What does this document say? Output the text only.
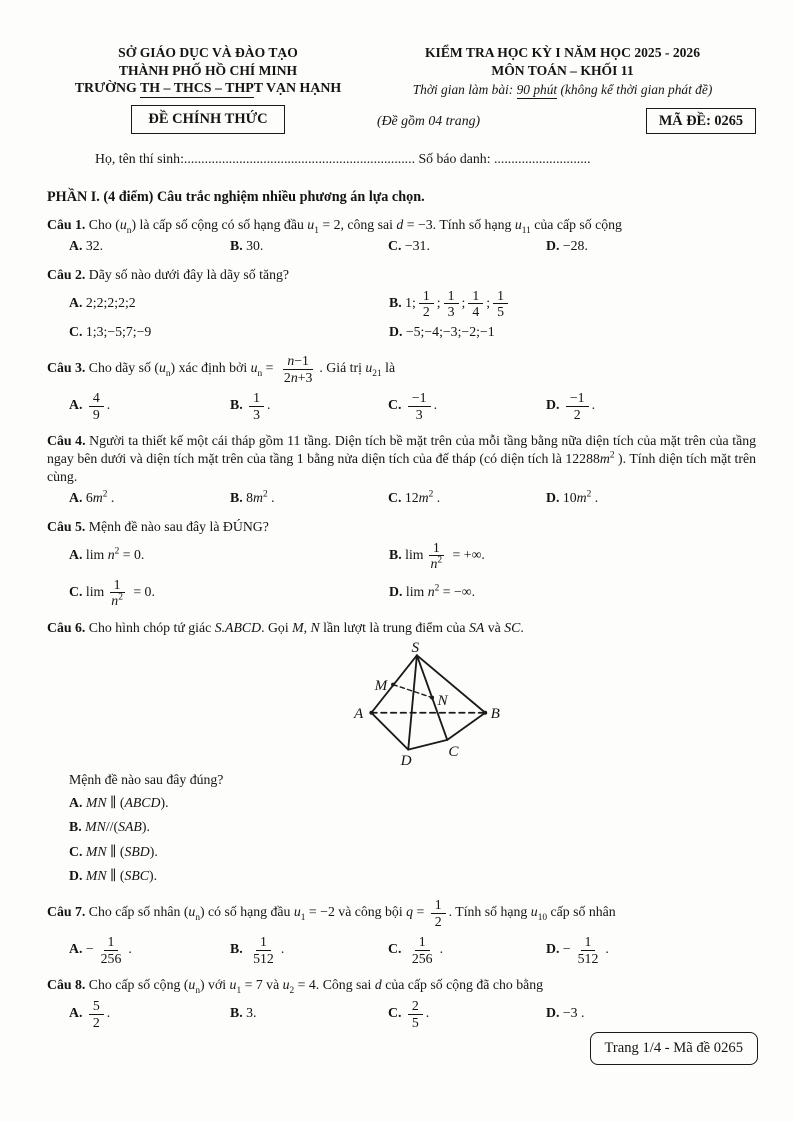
SỞ GIÁO DỤC VÀ ĐÀO TẠO
THÀNH PHỐ HỒ CHÍ MINH
TRƯỜNG TH – THCS – THPT VẠN HẠNH
ĐỀ CHÍNH THỨC
KIỂM TRA HỌC KỲ I NĂM HỌC 2025 - 2026
MÔN TOÁN – KHỐI 11
Thời gian làm bài: 90 phút (không kể thời gian phát đề)
(Đề gồm 04 trang)	MÃ ĐỀ: 0265
Họ, tên thí sinh:................................................................... Số báo danh: ............................
PHẦN I. (4 điểm) Câu trắc nghiệm nhiều phương án lựa chọn.
Câu 1. Cho $(u_n)$ là cấp số cộng có số hạng đầu $u_1 = 2$, công sai d = −3. Tính số hạng $u_{11}$ của cấp số cộng
A. 32.	B. 30.	C. −31.	D. −28.
Câu 2. Dãy số nào dưới đây là dãy số tăng?
A. 2;2;2;2;2	B. 1; $\frac{1}{2}$ ; $\frac{1}{3}$ ; $\frac{1}{4}$ ; $\frac{1}{5}$
C. 1;3;−5;7;−9	D. −5;−4;−3;−2;−1
Câu 3. Cho dãy số $(u_n)$ xác định bởi $u_n = \frac{n-1}{2n+3}$ . Giá trị $u_{21}$ là
A. $\frac{4}{9}$ .	B. $\frac{1}{3}$ .	C. $\frac{-1}{3}$ .	D. $\frac{-1}{2}$ .
Câu 4. Người ta thiết kế một cái tháp gồm 11 tầng. Diện tích bề mặt trên của mỗi tầng bằng nữa diện tích của mặt trên của tầng ngay bên dưới và diện tích mặt trên của tầng 1 bằng nửa diện tích của đế tháp (có diện tích là $12288m^2$ ). Tính diện tích mặt trên cùng.
A. $6m^2$ .	B. $8m^2$ .	C. $12m^2$ .	D. $10m^2$ .
Câu 5. Mệnh đề nào sau đây là ĐÚNG?
A. $\lim n^2 = 0$.	B. $\lim \frac{1}{n^2}$ = +∞.
C. $\lim \frac{1}{n^2} = 0$.	D. $\lim n^2$ = −∞.
Câu 6. Cho hình chóp tứ giác S.ABCD. Gọi M, N lần lượt là trung điểm của SA và SC.
S
M
N
A	B
C
D
Mệnh đề nào sau đây đúng?
A. MN ∥ (ABCD).
B. MN//(SAB).
C. MN ∥ (SBD).
D. MN ∥ (SBC).
Câu 7. Cho cấp số nhân $(u_n)$ có số hạng đầu $u_1 = -2$ và công bội $q = \frac{1}{2}$ . Tính số hạng $u_{10}$ cấp số nhân
A. − $\frac{1}{256}$ .	B. $\frac{1}{512}$ .	C. $\frac{1}{256}$ .	D. − $\frac{1}{512}$ .
Câu 8. Cho cấp số cộng $(u_n)$ với $u_1 = 7$ và $u_2 = 4$. Công sai d của cấp số cộng đã cho bằng
A. $\frac{5}{2}$ .	B. 3.	C. $\frac{2}{5}$ .	D. −3 .
Trang 1/4 - Mã đề 0265
